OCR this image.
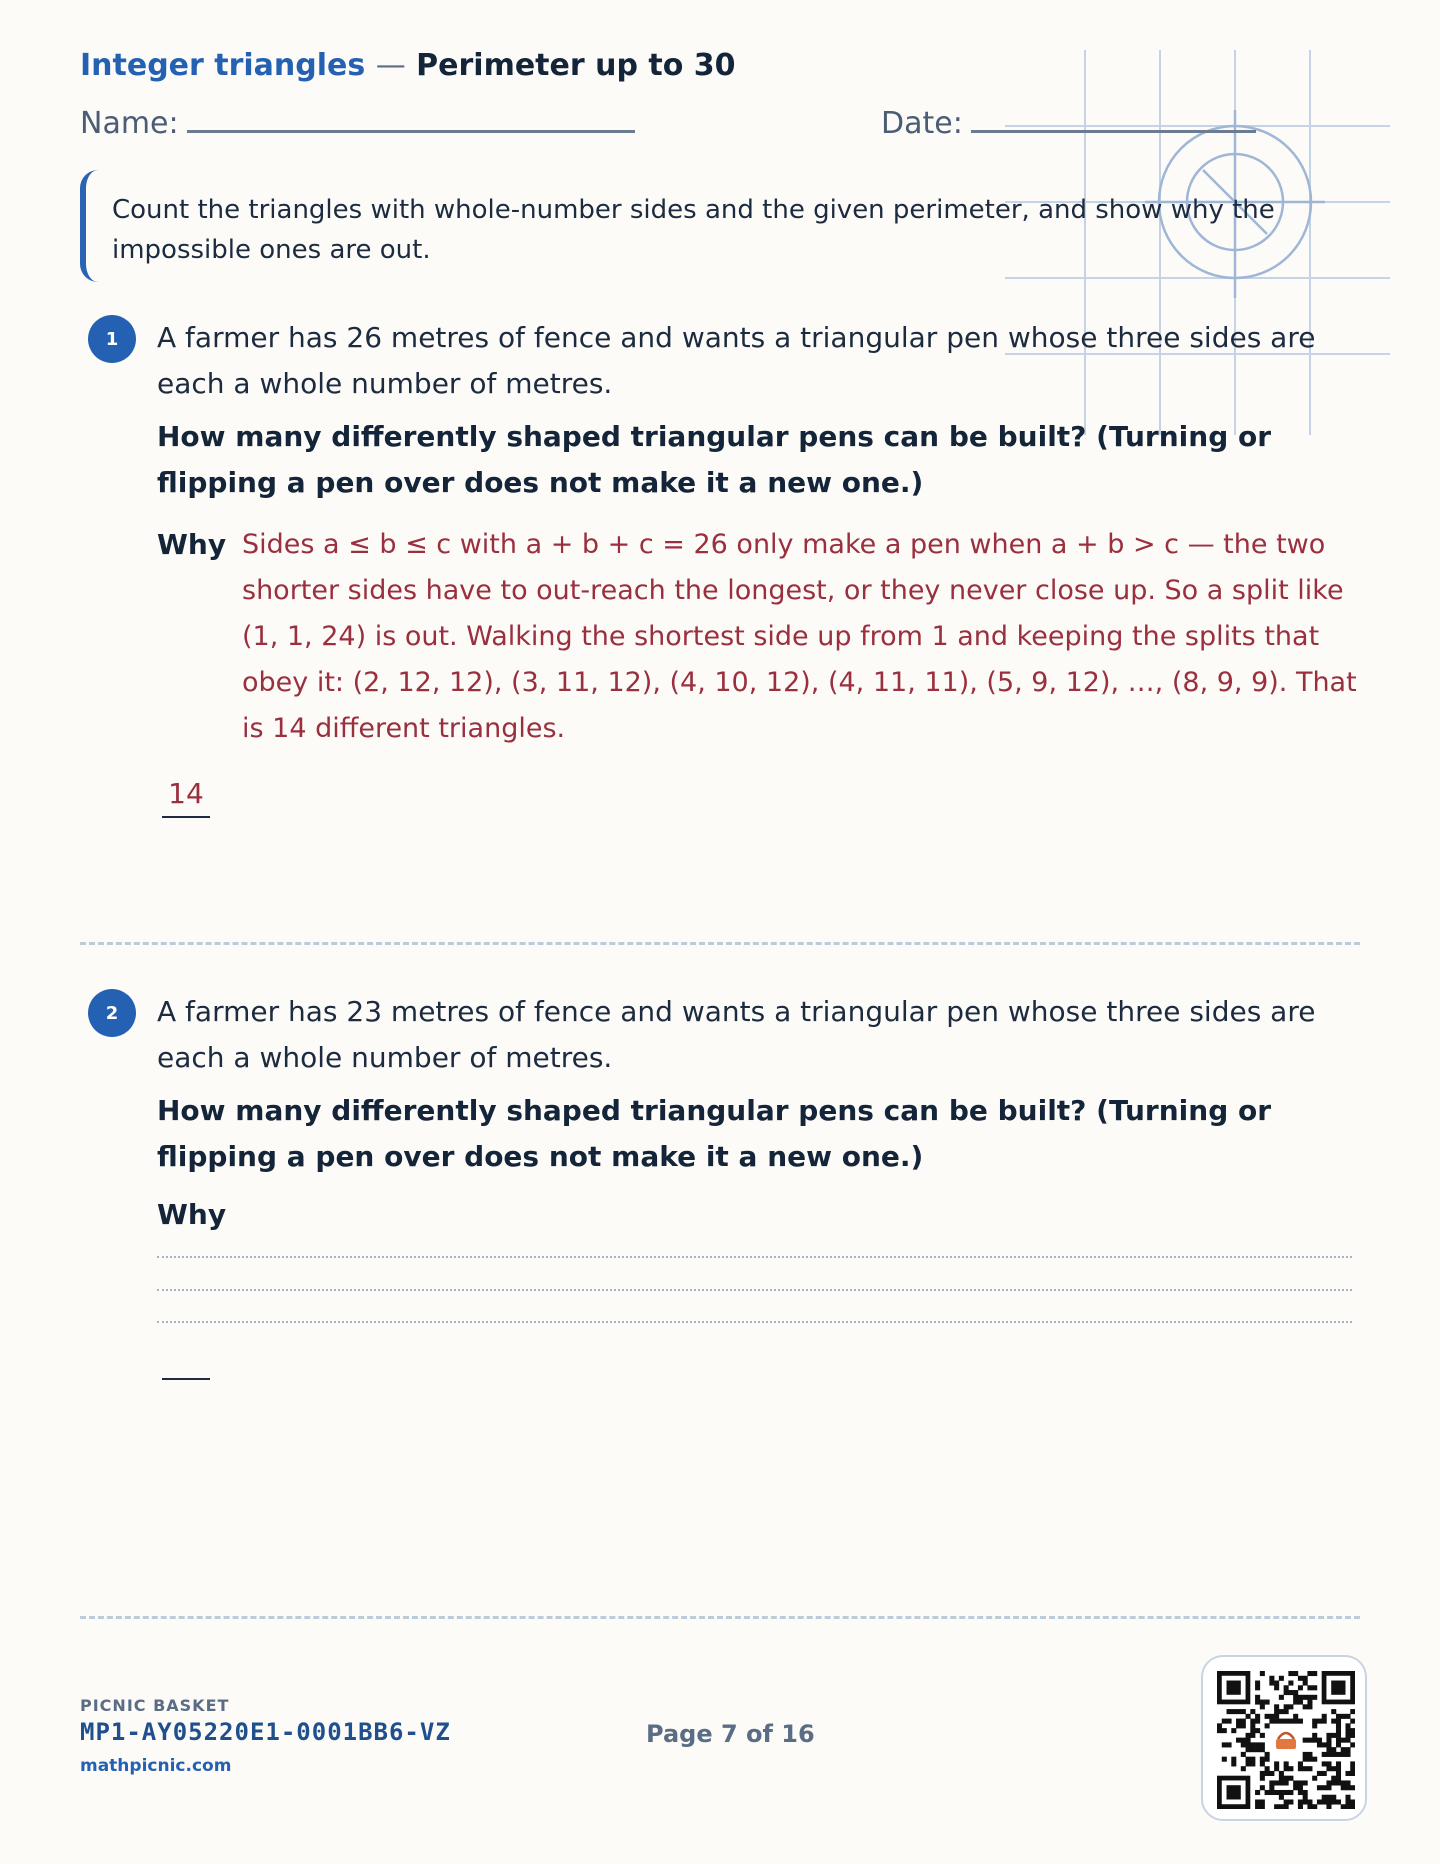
Integer triangles — Perimeter up to 30
Name:	Date:
Count the triangles with whole-number sides and the given perimeter, and show why the impossible ones are out.
1	A farmer has 26 metres of fence and wants a triangular pen whose three sides are each a whole number of metres.
How many differently shaped triangular pens can be built? (Turning or flipping a pen over does not make it a new one.)
Why Sides a ≤ b ≤ c with a + b + c = 26 only make a pen when a + b > c — the two shorter sides have to out-reach the longest, or they never close up. So a split like (1, 1, 24) is out. Walking the shortest side up from 1 and keeping the splits that obey it: (2, 12, 12), (3, 11, 12), (4, 10, 12), (4, 11, 11), (5, 9, 12), …, (8, 9, 9). That is 14 different triangles.
14
2	A farmer has 23 metres of fence and wants a triangular pen whose three sides are each a whole number of metres.
How many differently shaped triangular pens can be built? (Turning or flipping a pen over does not make it a new one.)
Why
PICNIC BASKET
MP1-AY05220E1-0001BB6-VZ
mathpicnic.com
Page 7 of 16
